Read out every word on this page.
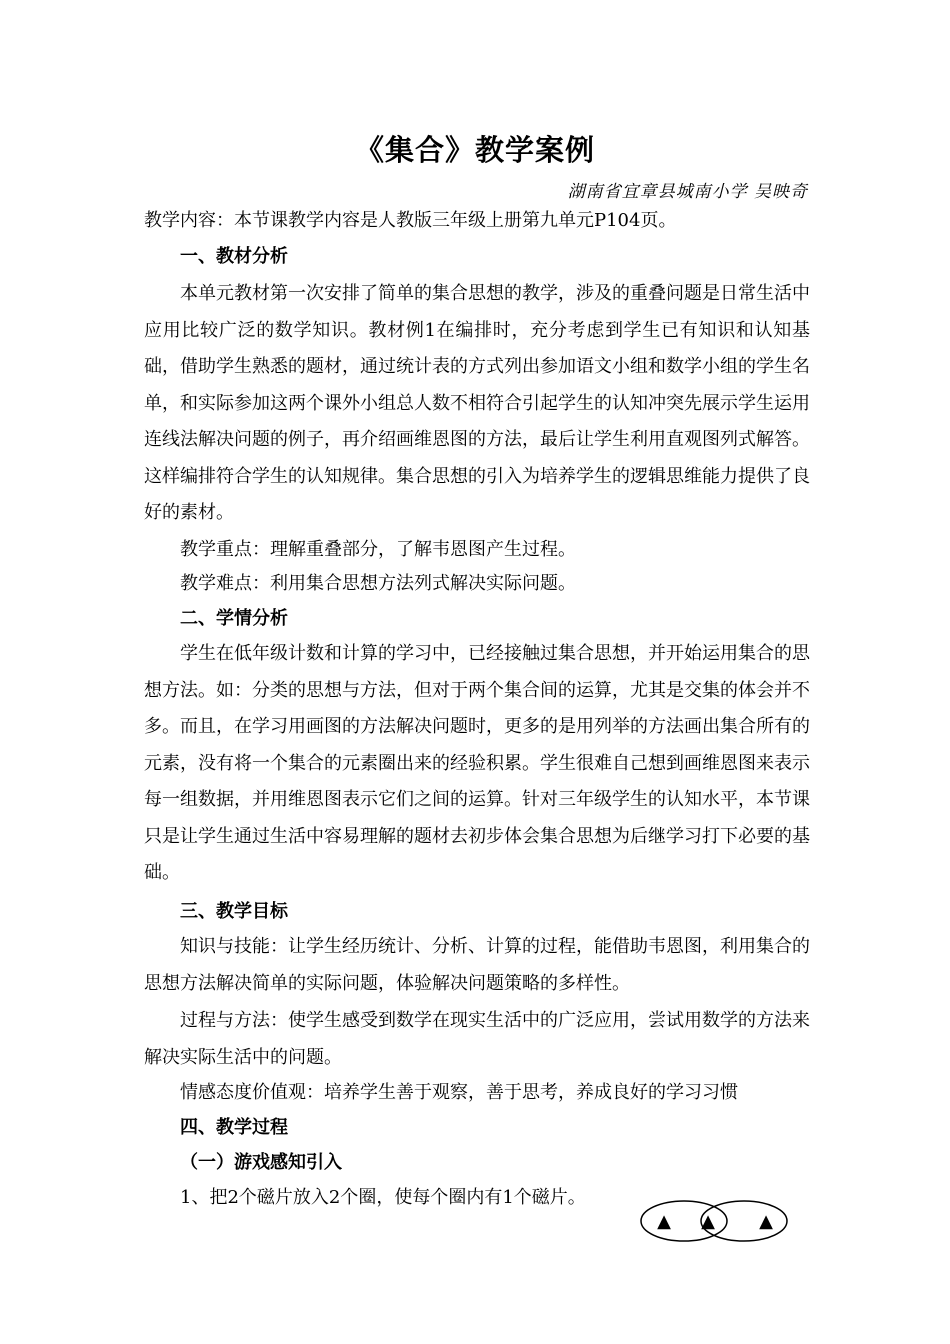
《集合》教学案例
湖南省宜章县城南小学 吴映奇
教学内容：本节课教学内容是人教版三年级上册第九单元P104页。
一、教材分析

本单元教材第一次安排了简单的集合思想的教学，涉及的重叠问题是日常生活中应用比较广泛的数学知识。教材例1在编排时，充分考虑到学生已有知识和认知基础，借助学生熟悉的题材，通过统计表的方式列出参加语文小组和数学小组的学生名单，和实际参加这两个课外小组总人数不相符合引起学生的认知冲突先展示学生运用连线法解决问题的例子，再介绍画维恩图的方法，最后让学生利用直观图列式解答。这样编排符合学生的认知规律。集合思想的引入为培养学生的逻辑思维能力提供了良好的素材。

教学重点：理解重叠部分，了解韦恩图产生过程。
教学难点：利用集合思想方法列式解决实际问题。
二、学情分析

学生在低年级计数和计算的学习中，已经接触过集合思想，并开始运用集合的思想方法。如：分类的思想与方法，但对于两个集合间的运算，尤其是交集的体会并不多。而且，在学习用画图的方法解决问题时，更多的是用列举的方法画出集合所有的元素，没有将一个集合的元素圈出来的经验积累。学生很难自己想到画维恩图来表示每一组数据，并用维恩图表示它们之间的运算。针对三年级学生的认知水平，本节课只是让学生通过生活中容易理解的题材去初步体会集合思想为后继学习打下必要的基础。

三、教学目标

知识与技能：让学生经历统计、分析、计算的过程，能借助韦恩图，利用集合的思想方法解决简单的实际问题，体验解决问题策略的多样性。

过程与方法：使学生感受到数学在现实生活中的广泛应用，尝试用数学的方法来解决实际生活中的问题。

情感态度价值观：培养学生善于观察，善于思考，养成良好的学习习惯
四、教学过程
（一）游戏感知引入
1、把2个磁片放入2个圈，使每个圈内有1个磁片。
▲ ▲ ▲
